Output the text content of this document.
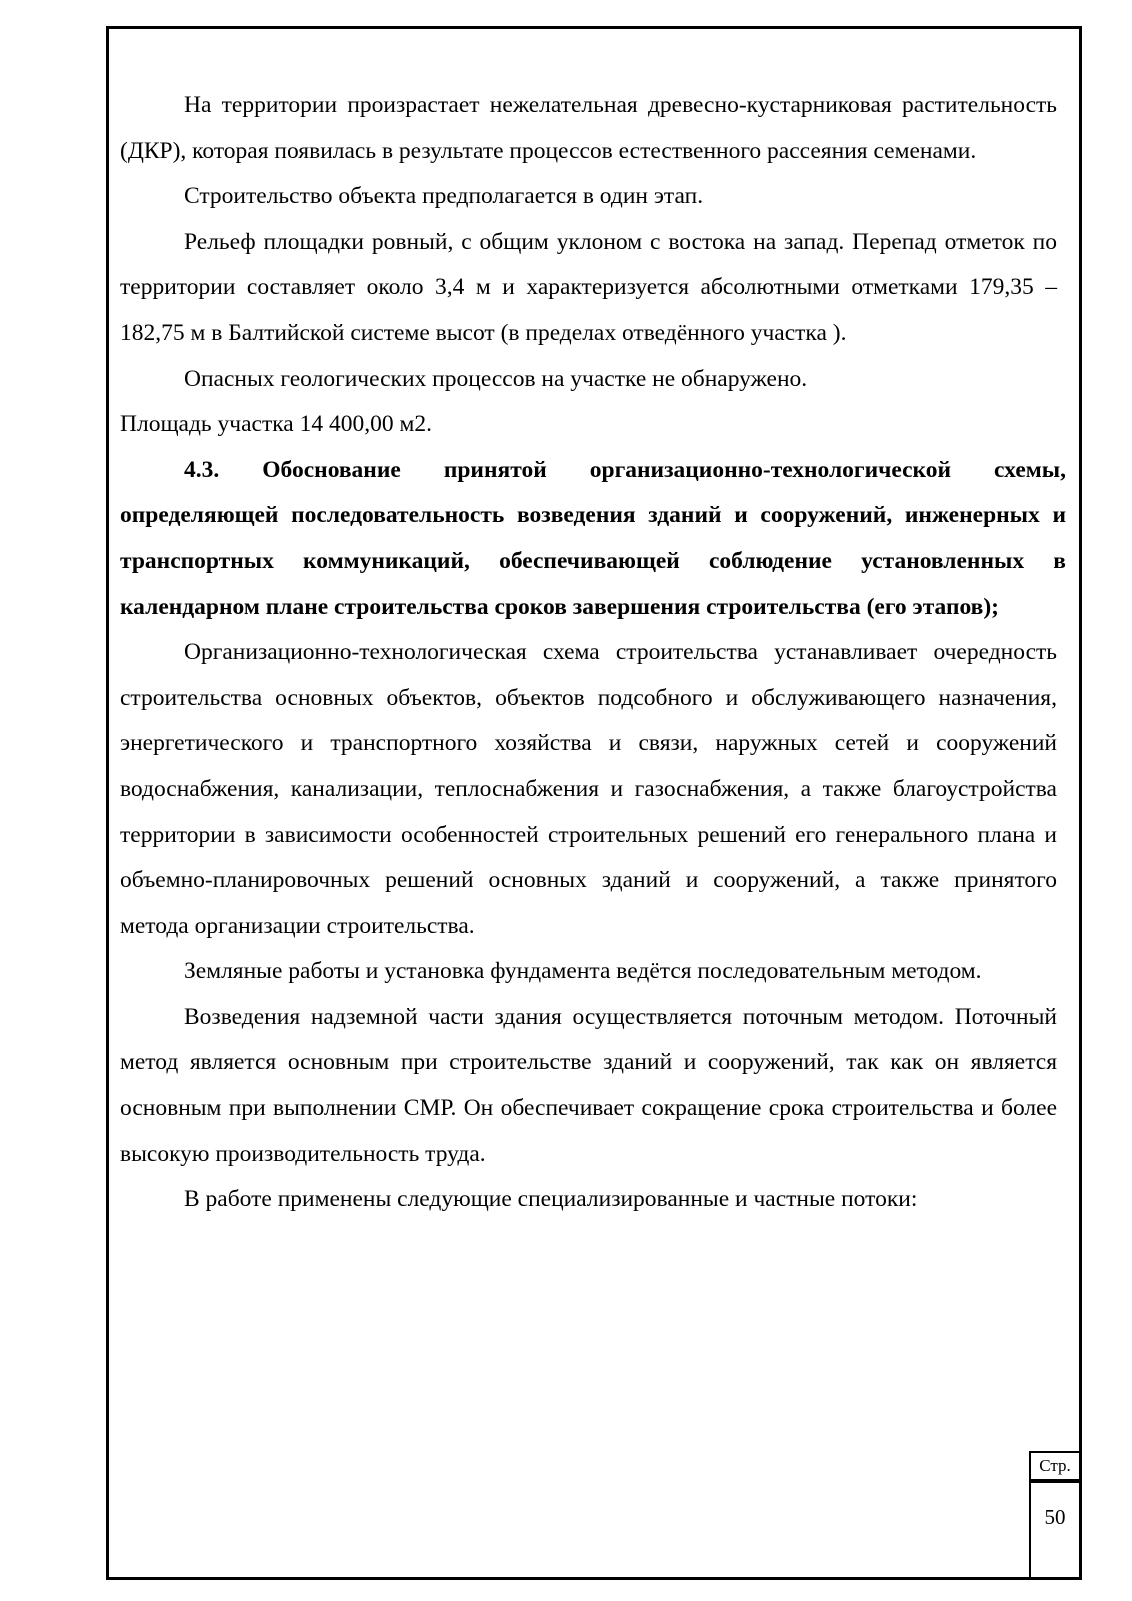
На территории произрастает нежелательная древесно-кустарниковая растительность (ДКР), которая появилась в результате процессов естественного рассеяния семенами.

Строительство объекта предполагается в один этап.

Рельеф площадки ровный, с общим уклоном с востока на запад. Перепад отметок по территории составляет около 3,4 м и характеризуется абсолютными отметками 179,35 – 182,75 м в Балтийской системе высот (в пределах отведённого участка ).

Опасных геологических процессов на участке не обнаружено.

Площадь участка 14 400,00 м2.

4.3. Обоснование принятой организационно-технологической схемы, определяющей последовательность возведения зданий и сооружений, инженерных и транспортных коммуникаций, обеспечивающей соблюдение установленных в календарном плане строительства сроков завершения строительства (его этапов);

Организационно-технологическая схема строительства устанавливает очередность строительства основных объектов, объектов подсобного и обслуживающего назначения, энергетического и транспортного хозяйства и связи, наружных сетей и сооружений водоснабжения, канализации, теплоснабжения и газоснабжения, а также благоустройства территории в зависимости особенностей строительных решений его генерального плана и объемно-планировочных решений основных зданий и сооружений, а также принятого метода организации строительства.

Земляные работы и установка фундамента ведётся последовательным методом.

Возведения надземной части здания осуществляется поточным методом. Поточный метод является основным при строительстве зданий и сооружений, так как он является основным при выполнении СМР. Он обеспечивает сокращение срока строительства и более высокую производительность труда.

В работе применены следующие специализированные и частные потоки:

Стр.
50
